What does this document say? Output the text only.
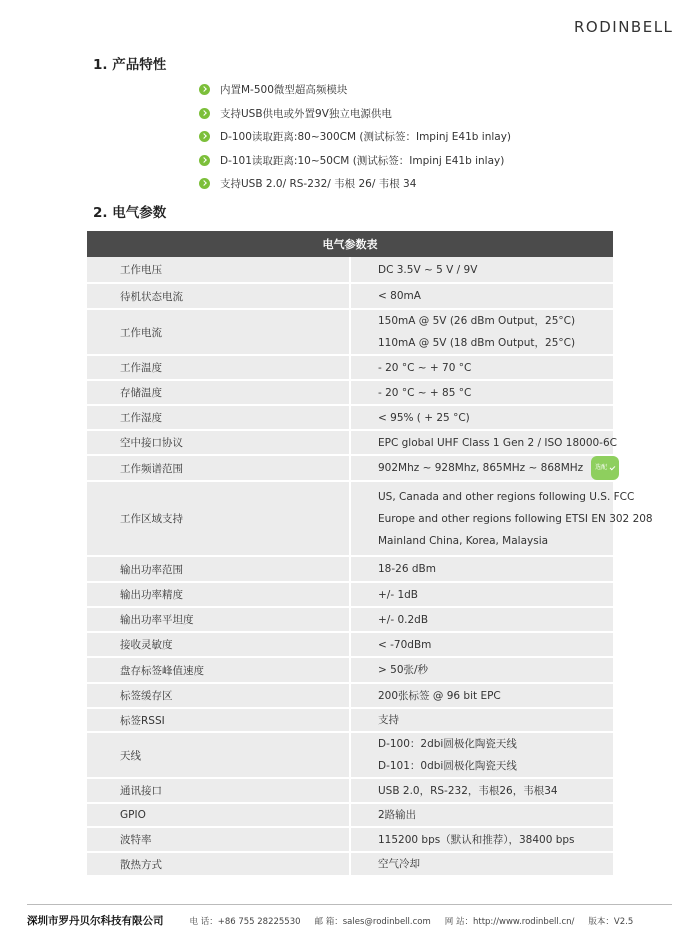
RODINBELL
1. 产品特性
内置M-500微型超高频模块
支持USB供电或外置9V独立电源供电
D-100读取距离:80~300CM (测试标签：Impinj E41b inlay)
D-101读取距离:10~50CM (测试标签：Impinj E41b inlay)
支持USB 2.0/ RS-232/ 韦根 26/ 韦根 34
2. 电气参数
电气参数表	
工作电压	DC 3.5V ~ 5 V / 9V

待机状态电流	< 80mA

工作电流	150mA @ 5V (26 dBm Output，25°C)
110mA @ 5V (18 dBm Output，25°C)

工作温度	- 20 °C ~ + 70 °C

存储温度	- 20 °C ~ + 85 °C

工作湿度	< 95% ( + 25 °C)

空中接口协议	EPC global UHF Class 1 Gen 2 / ISO 18000-6C

工作频谱范围	902Mhz ~ 928Mhz, 865MHz ~ 868MHz 选配

工作区域支持	US, Canada and other regions following U.S. FCC
Europe and other regions following ETSI EN 302 208
Mainland China, Korea, Malaysia

输出功率范围	18-26 dBm

输出功率精度	+/- 1dB

输出功率平坦度	+/- 0.2dB

接收灵敏度	< -70dBm

盘存标签峰值速度	> 50张/秒

标签缓存区	200张标签 @ 96 bit EPC

标签RSSI	支持

天线	D-100：2dbi圆极化陶瓷天线
D-101：0dbi圆极化陶瓷天线

通讯接口	USB 2.0，RS-232，韦根26，韦根34

GPIO	2路输出

波特率	115200 bps（默认和推荐），38400 bps

散热方式	空气冷却
深圳市罗丹贝尔科技有限公司	电 话：+86 755 28225530 邮 箱：sales@rodinbell.com 网 站：http://www.rodinbell.cn/ 版本：V2.5
